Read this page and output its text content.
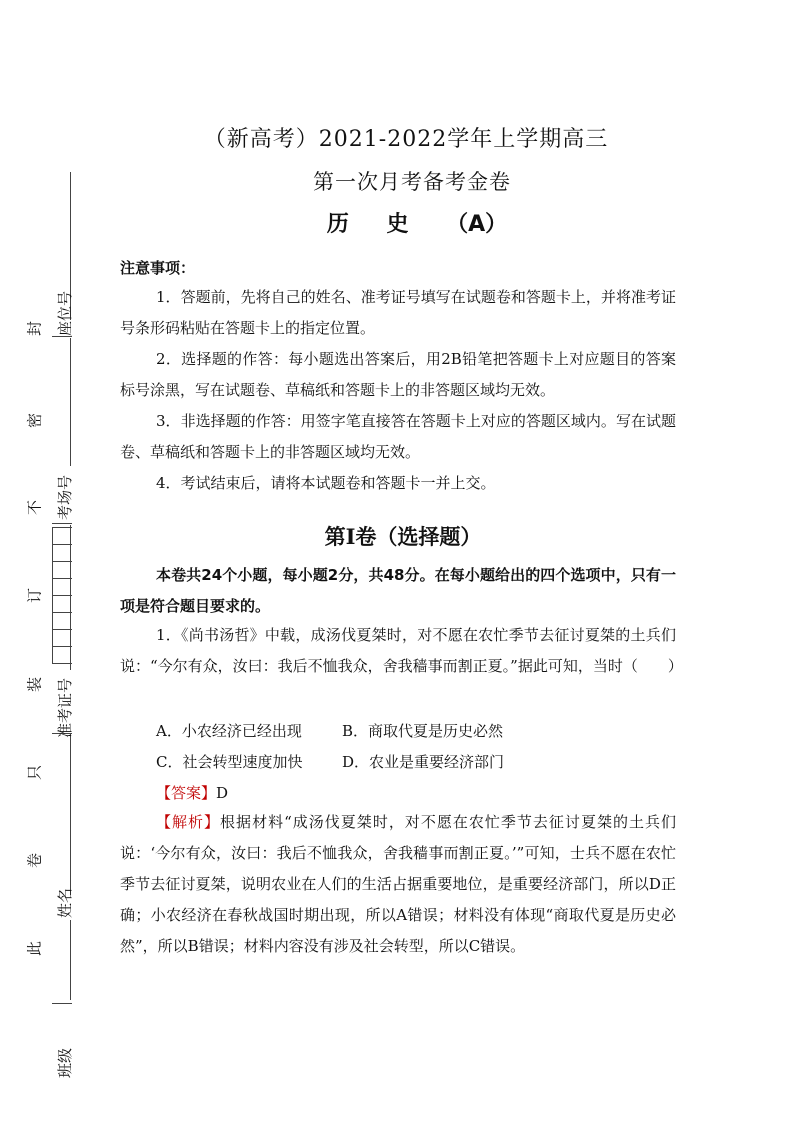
座位号
考场号
准考证号
姓名
班级
封
密
不
订
装
只
卷
此
（新高考）2021-2022学年上学期高三
第一次月考备考金卷
历 史 （A）
注意事项：

1．答题前，先将自己的姓名、准考证号填写在试题卷和答题卡上，并将准考证号条形码粘贴在答题卡上的指定位置。

2．选择题的作答：每小题选出答案后，用2B铅笔把答题卡上对应题目的答案标号涂黑，写在试题卷、草稿纸和答题卡上的非答题区域均无效。

3．非选择题的作答：用签字笔直接答在答题卡上对应的答题区域内。写在试题卷、草稿纸和答题卡上的非答题区域均无效。

4．考试结束后，请将本试题卷和答题卡一并上交。

第Ⅰ卷（选择题）

本卷共24个小题，每小题2分，共48分。在每小题给出的四个选项中，只有一项是符合题目要求的。

1．《尚书汤哲》中载，成汤伐夏桀时，对不愿在农忙季节去征讨夏桀的土兵们说：“今尔有众，汝曰：我后不恤我众，舍我穑事而割正夏。”据此可知，当时（　　）

A．小农经济已经出现	B．商取代夏是历史必然
C．社会转型速度加快	D．农业是重要经济部门
【答案】D

【解析】根据材料“成汤伐夏桀时，对不愿在农忙季节去征讨夏桀的土兵们说：‘今尔有众，汝曰：我后不恤我众，舍我穑事而割正夏。’”可知，士兵不愿在农忙季节去征讨夏桀，说明农业在人们的生活占据重要地位，是重要经济部门，所以D正确；小农经济在春秋战国时期出现，所以A错误；材料没有体现“商取代夏是历史必然”，所以B错误；材料内容没有涉及社会转型，所以C错误。
